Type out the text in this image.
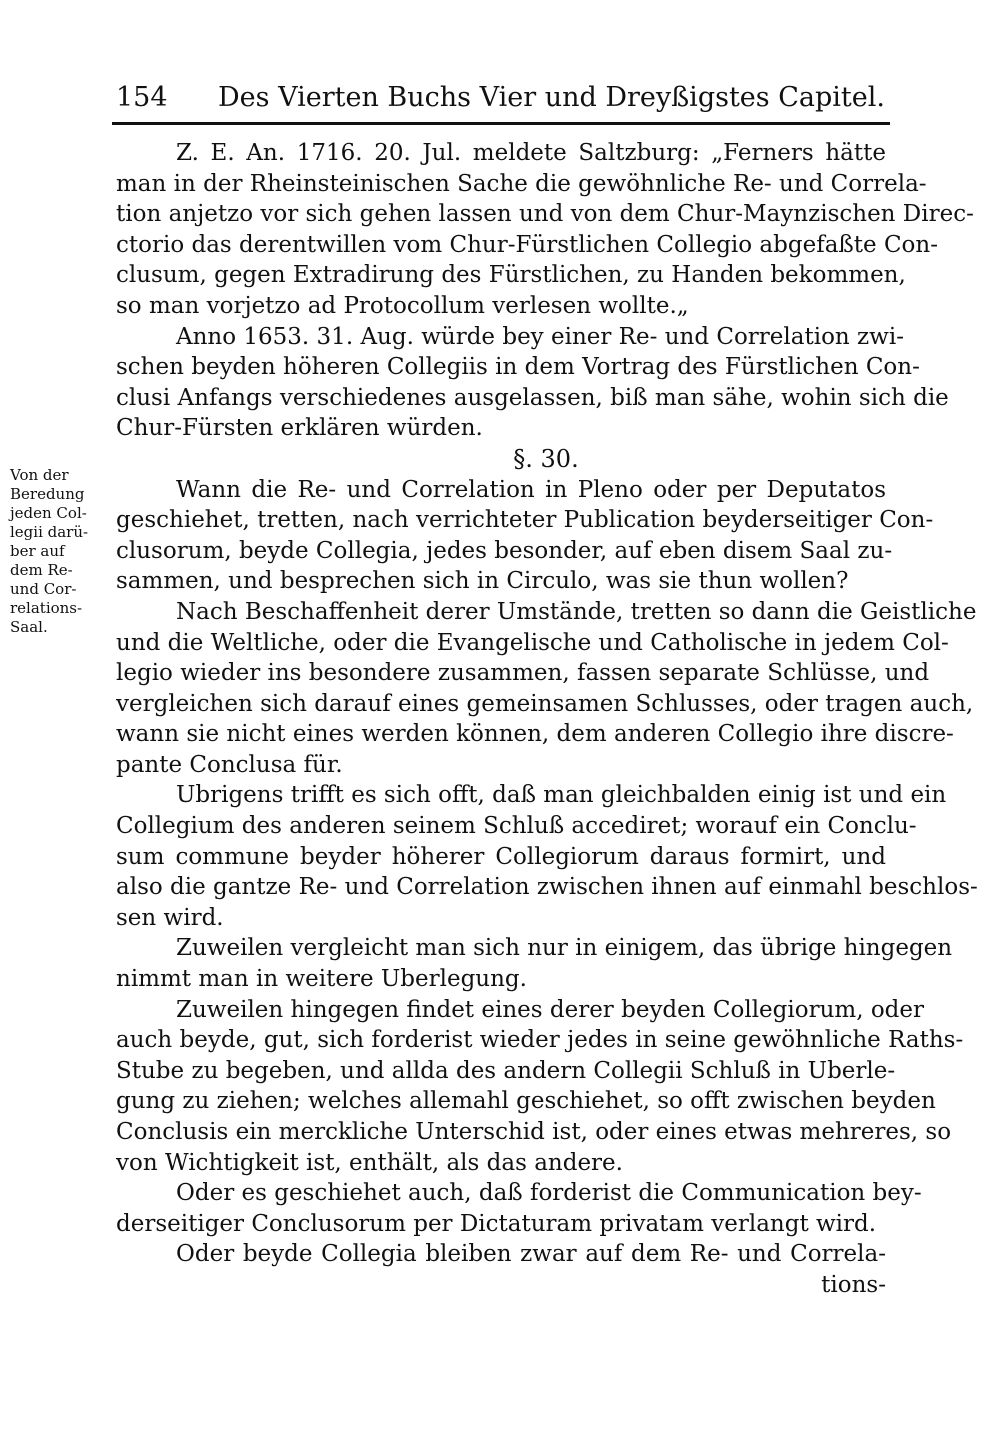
154 Des Vierten Buchs Vier und Dreyßigstes Capitel.
Von der
Beredung
jeden Col-
legii darü-
ber auf
dem Re-
und Cor-
relations-
Saal.
Z. E. An. 1716. 20. Jul. meldete Saltzburg: „Ferners hätte
man in der Rheinsteinischen Sache die gewöhnliche Re- und Correla-
tion anjetzo vor sich gehen lassen und von dem Chur-Maynzischen Direc-
ctorio das derentwillen vom Chur-Fürstlichen Collegio abgefaßte Con-
clusum, gegen Extradirung des Fürstlichen, zu Handen bekommen,
so man vorjetzo ad Protocollum verlesen wollte.„
Anno 1653. 31. Aug. würde bey einer Re- und Correlation zwi-
schen beyden höheren Collegiis in dem Vortrag des Fürstlichen Con-
clusi Anfangs verschiedenes ausgelassen, biß man sähe, wohin sich die
Chur-Fürsten erklären würden.
§. 30.
Wann die Re- und Correlation in Pleno oder per Deputatos
geschiehet, tretten, nach verrichteter Publication beyderseitiger Con-
clusorum, beyde Collegia, jedes besonder, auf eben disem Saal zu-
sammen, und besprechen sich in Circulo, was sie thun wollen?
Nach Beschaffenheit derer Umstände, tretten so dann die Geistliche
und die Weltliche, oder die Evangelische und Catholische in jedem Col-
legio wieder ins besondere zusammen, fassen separate Schlüsse, und
vergleichen sich darauf eines gemeinsamen Schlusses, oder tragen auch,
wann sie nicht eines werden können, dem anderen Collegio ihre discre-
pante Conclusa für.
Ubrigens trifft es sich offt, daß man gleichbalden einig ist und ein
Collegium des anderen seinem Schluß accediret; worauf ein Conclu-
sum commune beyder höherer Collegiorum daraus formirt, und
also die gantze Re- und Correlation zwischen ihnen auf einmahl beschlos-
sen wird.
Zuweilen vergleicht man sich nur in einigem, das übrige hingegen
nimmt man in weitere Uberlegung.
Zuweilen hingegen findet eines derer beyden Collegiorum, oder
auch beyde, gut, sich forderist wieder jedes in seine gewöhnliche Raths-
Stube zu begeben, und allda des andern Collegii Schluß in Uberle-
gung zu ziehen; welches allemahl geschiehet, so offt zwischen beyden
Conclusis ein merckliche Unterschid ist, oder eines etwas mehreres, so
von Wichtigkeit ist, enthält, als das andere.
Oder es geschiehet auch, daß forderist die Communication bey-
derseitiger Conclusorum per Dictaturam privatam verlangt wird.
Oder beyde Collegia bleiben zwar auf dem Re- und Correla-
tions-
